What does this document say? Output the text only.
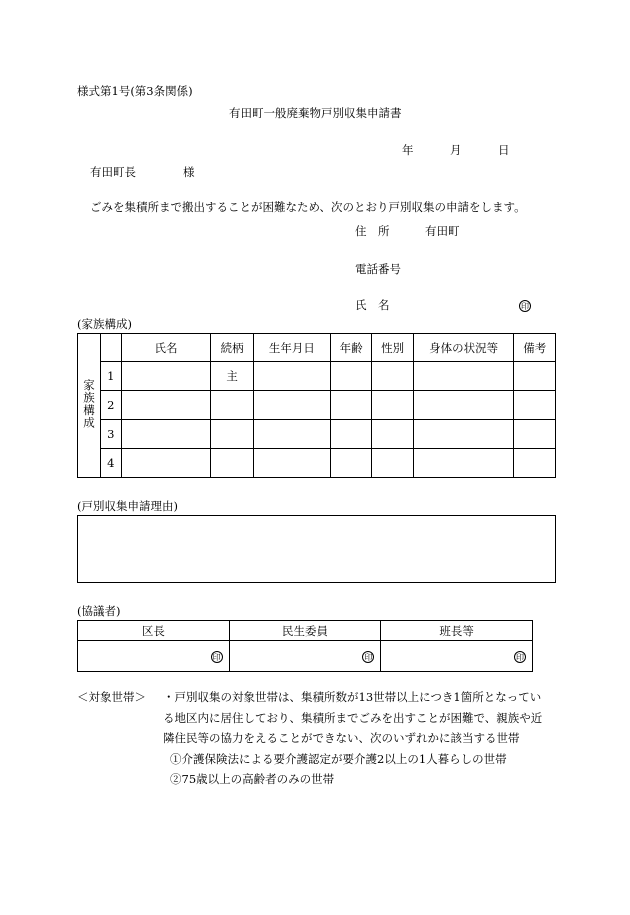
様式第1号(第3条関係)
有田町一般廃棄物戸別収集申請書
年	月	日
有田町長	様
ごみを集積所まで搬出することが困難なため、次のとおり戸別収集の申請をします。
住　所	有田町
電話番号
氏　名	印
(家族構成)
家族構成		氏名	続柄	生年月日	年齢	性別	身体の状況等	備考
	1		主					
	2							
	3							
	4							
(戸別収集申請理由)
(協議者)
区長	民生委員	班長等
印	印	印
＜対象世帯＞ ・戸別収集の対象世帯は、集積所数が13世帯以上につき1箇所となってい
る地区内に居住しており、集積所までごみを出すことが困難で、親族や近
隣住民等の協力をえることができない、次のいずれかに該当する世帯
①介護保険法による要介護認定が要介護2以上の1人暮らしの世帯
②75歳以上の高齢者のみの世帯
